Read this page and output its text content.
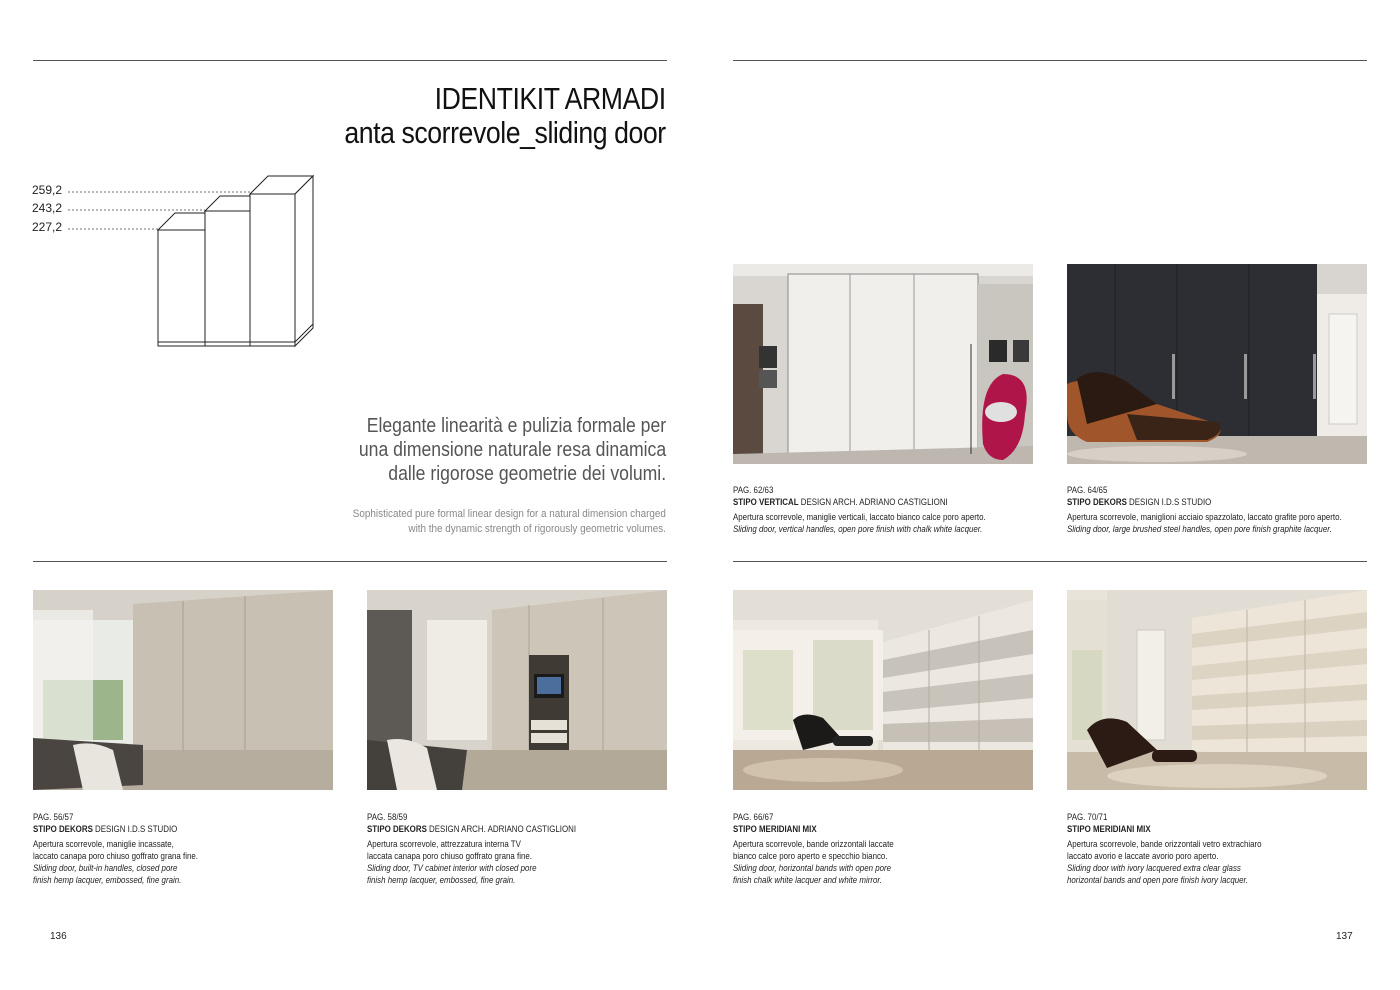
IDENTIKIT ARMADI
anta scorrevole_sliding door
259,2
243,2
227,2
Elegante linearità e pulizia formale per
una dimensione naturale resa dinamica
dalle rigorose geometrie dei volumi.
Sophisticated pure formal linear design for a natural dimension charged
with the dynamic strength of rigorously geometric volumes.
PAG. 62/63
STIPO VERTICAL DESIGN ARCH. ADRIANO CASTIGLIONI
Apertura scorrevole, maniglie verticali, laccato bianco calce poro aperto.
Sliding door, vertical handles, open pore finish with chalk white lacquer.
PAG. 64/65
STIPO DEKORS DESIGN I.D.S STUDIO
Apertura scorrevole, maniglioni acciaio spazzolato, laccato grafite poro aperto.
Sliding door, large brushed steel handles, open pore finish graphite lacquer.
PAG. 56/57
STIPO DEKORS DESIGN I.D.S STUDIO
Apertura scorrevole, maniglie incassate,
laccato canapa poro chiuso goffrato grana fine.
Sliding door, built-in handles, closed pore
finish hemp lacquer, embossed, fine grain.
PAG. 58/59
STIPO DEKORS DESIGN ARCH. ADRIANO CASTIGLIONI
Apertura scorrevole, attrezzatura interna TV
laccata canapa poro chiuso goffrato grana fine.
Sliding door, TV cabinet interior with closed pore
finish hemp lacquer, embossed, fine grain.
PAG. 66/67
STIPO MERIDIANI MIX
Apertura scorrevole, bande orizzontali laccate
bianco calce poro aperto e specchio bianco.
Sliding door, horizontal bands with open pore
finish chalk white lacquer and white mirror.
PAG. 70/71
STIPO MERIDIANI MIX
Apertura scorrevole, bande orizzontali vetro extrachiaro
laccato avorio e laccate avorio poro aperto.
Sliding door with ivory lacquered extra clear glass
horizontal bands and open pore finish ivory lacquer.
136	137
